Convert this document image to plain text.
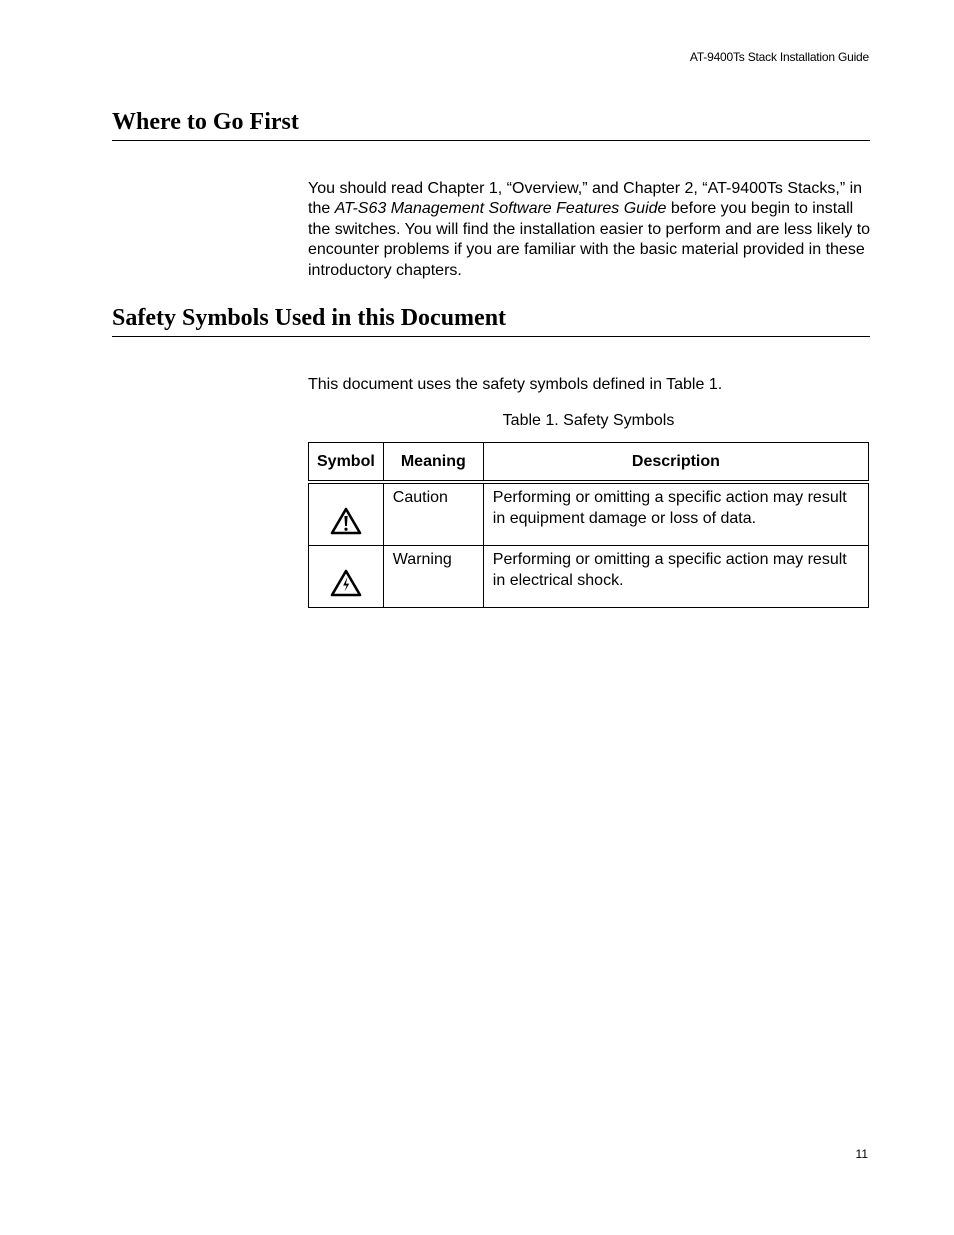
AT-9400Ts Stack Installation Guide
Where to Go First

You should read Chapter 1, “Overview,” and Chapter 2, “AT-9400Ts Stacks,” in the AT-S63 Management Software Features Guide before you begin to install the switches. You will find the installation easier to perform and are less likely to encounter problems if you are familiar with the basic material provided in these introductory chapters.

Safety Symbols Used in this Document

This document uses the safety symbols defined in Table 1.

Table 1. Safety Symbols
Symbol	Meaning	Description

	Caution	Performing or omitting a specific action may result in equipment damage or loss of data.

	Warning	Performing or omitting a specific action may result in electrical shock.
11
